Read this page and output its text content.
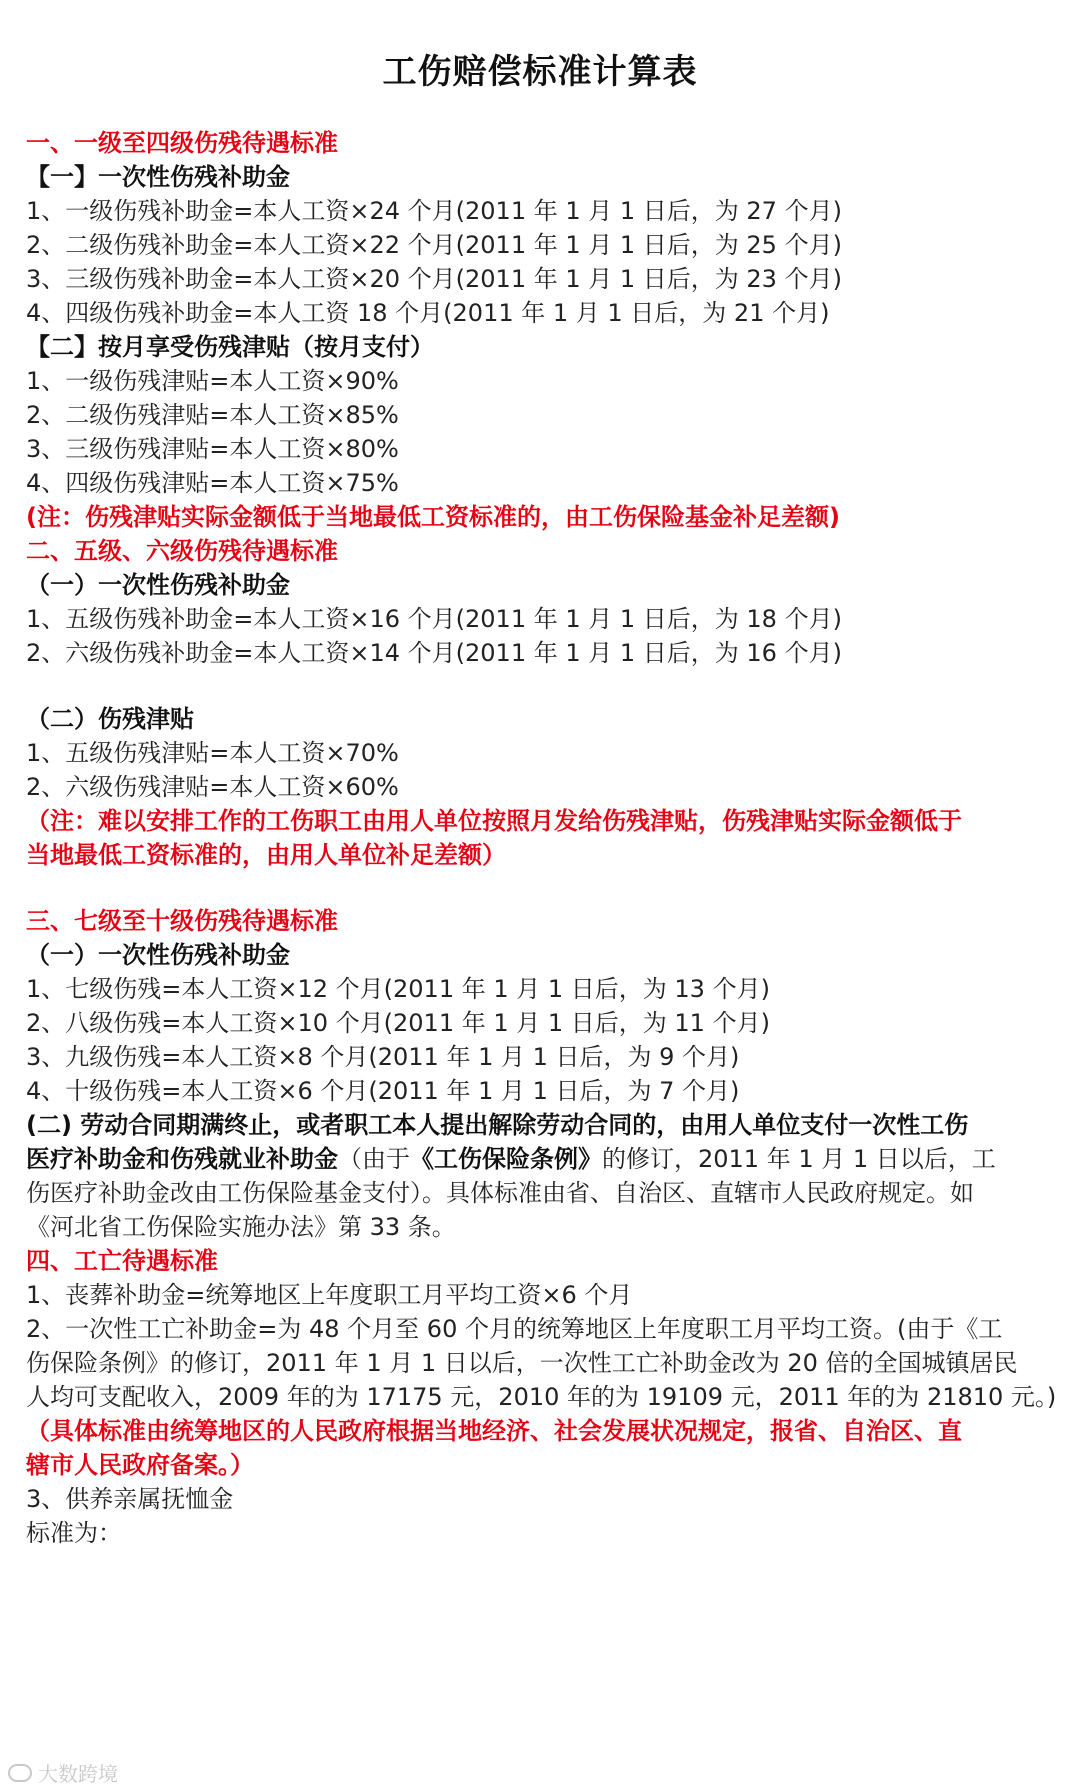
工伤赔偿标准计算表
一、一级至四级伤残待遇标准
【一】一次性伤残补助金
1、一级伤残补助金=本人工资×24 个月(2011 年 1 月 1 日后，为 27 个月)
2、二级伤残补助金=本人工资×22 个月(2011 年 1 月 1 日后，为 25 个月)
3、三级伤残补助金=本人工资×20 个月(2011 年 1 月 1 日后，为 23 个月)
4、四级伤残补助金=本人工资 18 个月(2011 年 1 月 1 日后，为 21 个月)
【二】按月享受伤残津贴（按月支付）
1、一级伤残津贴=本人工资×90%
2、二级伤残津贴=本人工资×85%
3、三级伤残津贴=本人工资×80%
4、四级伤残津贴=本人工资×75%
(注：伤残津贴实际金额低于当地最低工资标准的，由工伤保险基金补足差额)
二、五级、六级伤残待遇标准
（一）一次性伤残补助金
1、五级伤残补助金=本人工资×16 个月(2011 年 1 月 1 日后，为 18 个月)
2、六级伤残补助金=本人工资×14 个月(2011 年 1 月 1 日后，为 16 个月)
（二）伤残津贴
1、五级伤残津贴=本人工资×70%
2、六级伤残津贴=本人工资×60%
（注：难以安排工作的工伤职工由用人单位按照月发给伤残津贴，伤残津贴实际金额低于
当地最低工资标准的，由用人单位补足差额）
三、七级至十级伤残待遇标准
（一）一次性伤残补助金
1、七级伤残=本人工资×12 个月(2011 年 1 月 1 日后，为 13 个月)
2、八级伤残=本人工资×10 个月(2011 年 1 月 1 日后，为 11 个月)
3、九级伤残=本人工资×8 个月(2011 年 1 月 1 日后，为 9 个月)
4、十级伤残=本人工资×6 个月(2011 年 1 月 1 日后，为 7 个月)
(二) 劳动合同期满终止，或者职工本人提出解除劳动合同的，由用人单位支付一次性工伤
医疗补助金和伤残就业补助金（由于《工伤保险条例》的修订，2011 年 1 月 1 日以后，工
伤医疗补助金改由工伤保险基金支付）。具体标准由省、自治区、直辖市人民政府规定。如
《河北省工伤保险实施办法》第 33 条。
四、工亡待遇标准
1、丧葬补助金=统筹地区上年度职工月平均工资×6 个月
2、一次性工亡补助金=为 48 个月至 60 个月的统筹地区上年度职工月平均工资。(由于《工
伤保险条例》的修订，2011 年 1 月 1 日以后，一次性工亡补助金改为 20 倍的全国城镇居民
人均可支配收入，2009 年的为 17175 元，2010 年的为 19109 元，2011 年的为 21810 元。)
（具体标准由统筹地区的人民政府根据当地经济、社会发展状况规定，报省、自治区、直
辖市人民政府备案。）
3、供养亲属抚恤金
标准为：
大数跨境
